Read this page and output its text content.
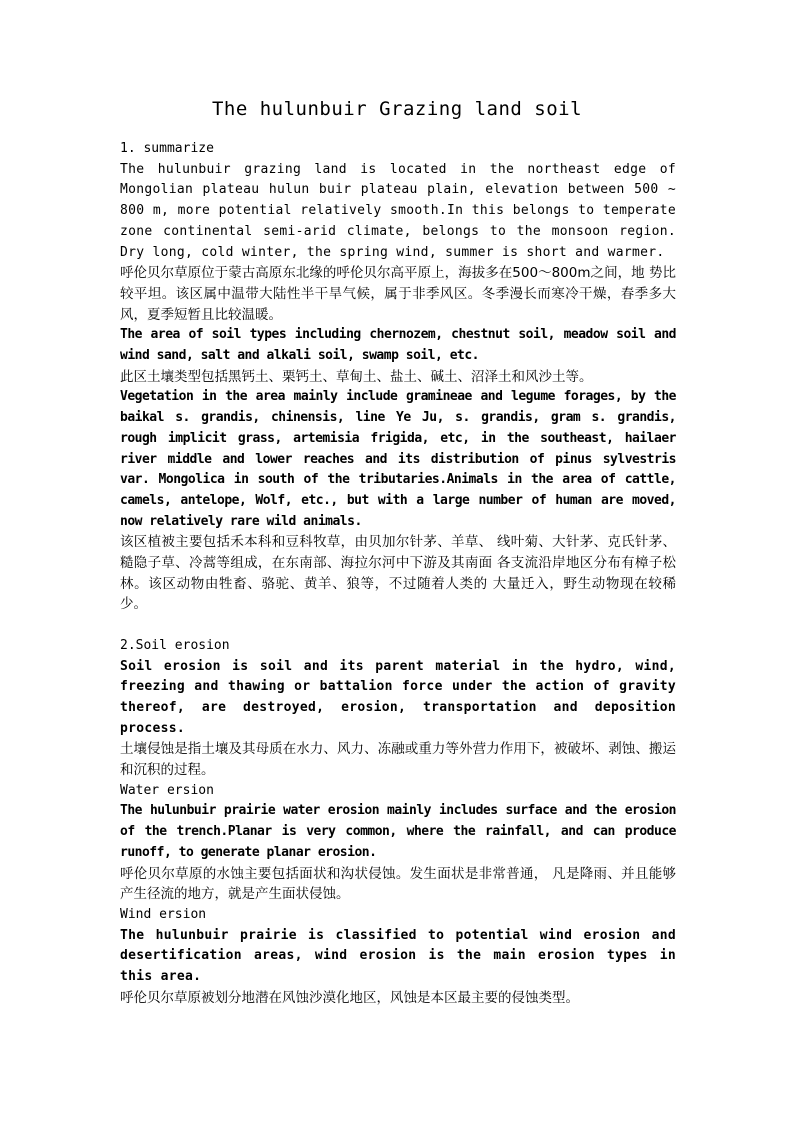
The hulunbuir Grazing land soil

1. summarize

The hulunbuir grazing land is located in the northeast edge of Mongolian plateau hulun buir plateau plain, elevation between 500 ~ 800 m, more potential relatively smooth.In this belongs to temperate zone continental semi-arid climate, belongs to the monsoon region. Dry long, cold winter, the spring wind, summer is short and warmer.

呼伦贝尔草原位于蒙古高原东北缘的呼伦贝尔高平原上，海拔多在500～800m之间，地 势比较平坦。该区属中温带大陆性半干旱气候，属于非季风区。冬季漫长而寒冷干燥，春季多大风，夏季短暂且比较温暖。

The area of soil types including chernozem, chestnut soil, meadow soil and wind sand, salt and alkali soil, swamp soil, etc.

此区土壤类型包括黑钙土、栗钙土、草甸土、盐土、碱土、沼泽土和风沙土等。

Vegetation in the area mainly include gramineae and legume forages, by the baikal s. grandis, chinensis, line Ye Ju, s. grandis, gram s. grandis, rough implicit grass, artemisia frigida, etc, in the southeast, hailaer river middle and lower reaches and its distribution of pinus sylvestris var. Mongolica in south of the tributaries.Animals in the area of cattle, camels, antelope, Wolf, etc., but with a large number of human are moved, now relatively rare wild animals.

该区植被主要包括禾本科和豆科牧草，由贝加尔针茅、羊草、 线叶菊、大针茅、克氏针茅、糙隐子草、冷蒿等组成，在东南部、海拉尔河中下游及其南面 各支流沿岸地区分布有樟子松林。该区动物由牲畜、骆驼、黄羊、狼等，不过随着人类的 大量迁入，野生动物现在较稀少。

2.Soil erosion

Soil erosion is soil and its parent material in the hydro, wind, freezing and thawing or battalion force under the action of gravity thereof, are destroyed, erosion, transportation and deposition process.

土壤侵蚀是指土壤及其母质在水力、风力、冻融或重力等外营力作用下，被破坏、剥蚀、搬运和沉积的过程。

Water ersion

The hulunbuir prairie water erosion mainly includes surface and the erosion of the trench.Planar is very common, where the rainfall, and can produce runoff, to generate planar erosion.

呼伦贝尔草原的水蚀主要包括面状和沟状侵蚀。发生面状是非常普通， 凡是降雨、并且能够产生径流的地方，就是产生面状侵蚀。

Wind ersion

The hulunbuir prairie is classified to potential wind erosion and desertification areas, wind erosion is the main erosion types in this area.

呼伦贝尔草原被划分地潜在风蚀沙漠化地区，风蚀是本区最主要的侵蚀类型。
